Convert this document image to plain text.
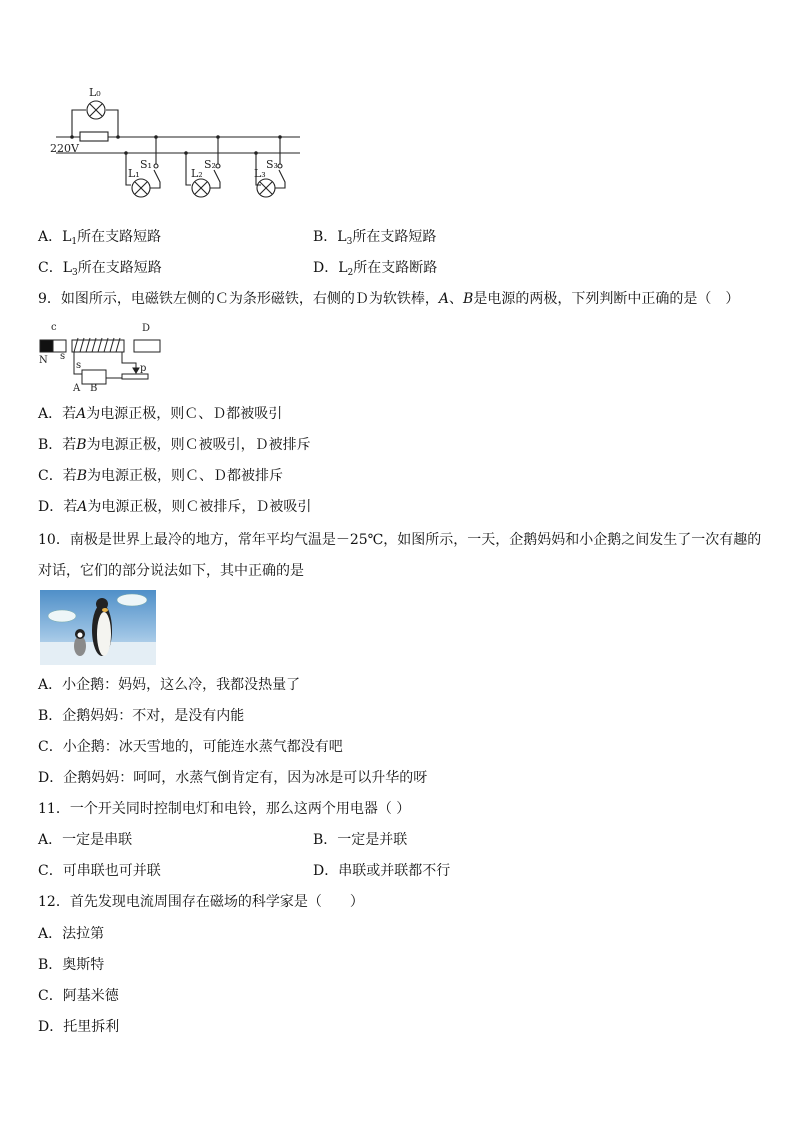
L₀
220V
S₁	S₂	S₃
L₁	L₂	L₃
A．$L_1$所在支路短路	B．$L_3$所在支路短路
C．$L_3$所在支路短路	D．$L_2$所在支路断路
9．如图所示，电磁铁左侧的Ｃ为条形磁铁，右侧的Ｄ为软铁棒，A、B是电源的两极，下列判断中正确的是（　）
c	D
N s
s	p
A B
A．若A为电源正极，则Ｃ、Ｄ都被吸引
B．若B为电源正极，则Ｃ被吸引，Ｄ被排斥
C．若B为电源正极，则Ｃ、Ｄ都被排斥
D．若A为电源正极，则Ｃ被排斥，Ｄ被吸引
10．南极是世界上最冷的地方，常年平均气温是－25℃，如图所示，一天，企鹅妈妈和小企鹅之间发生了一次有趣的
对话，它们的部分说法如下，其中正确的是
A．小企鹅：妈妈，这么冷，我都没热量了
B．企鹅妈妈：不对，是没有内能
C．小企鹅：冰天雪地的，可能连水蒸气都没有吧
D．企鹅妈妈：呵呵，水蒸气倒肯定有，因为冰是可以升华的呀
11．一个开关同时控制电灯和电铃，那么这两个用电器（ ）
A．一定是串联	B．一定是并联
C．可串联也可并联	D．串联或并联都不行
12．首先发现电流周围存在磁场的科学家是（　　）
A．法拉第
B．奥斯特
C．阿基米德
D．托里拆利
